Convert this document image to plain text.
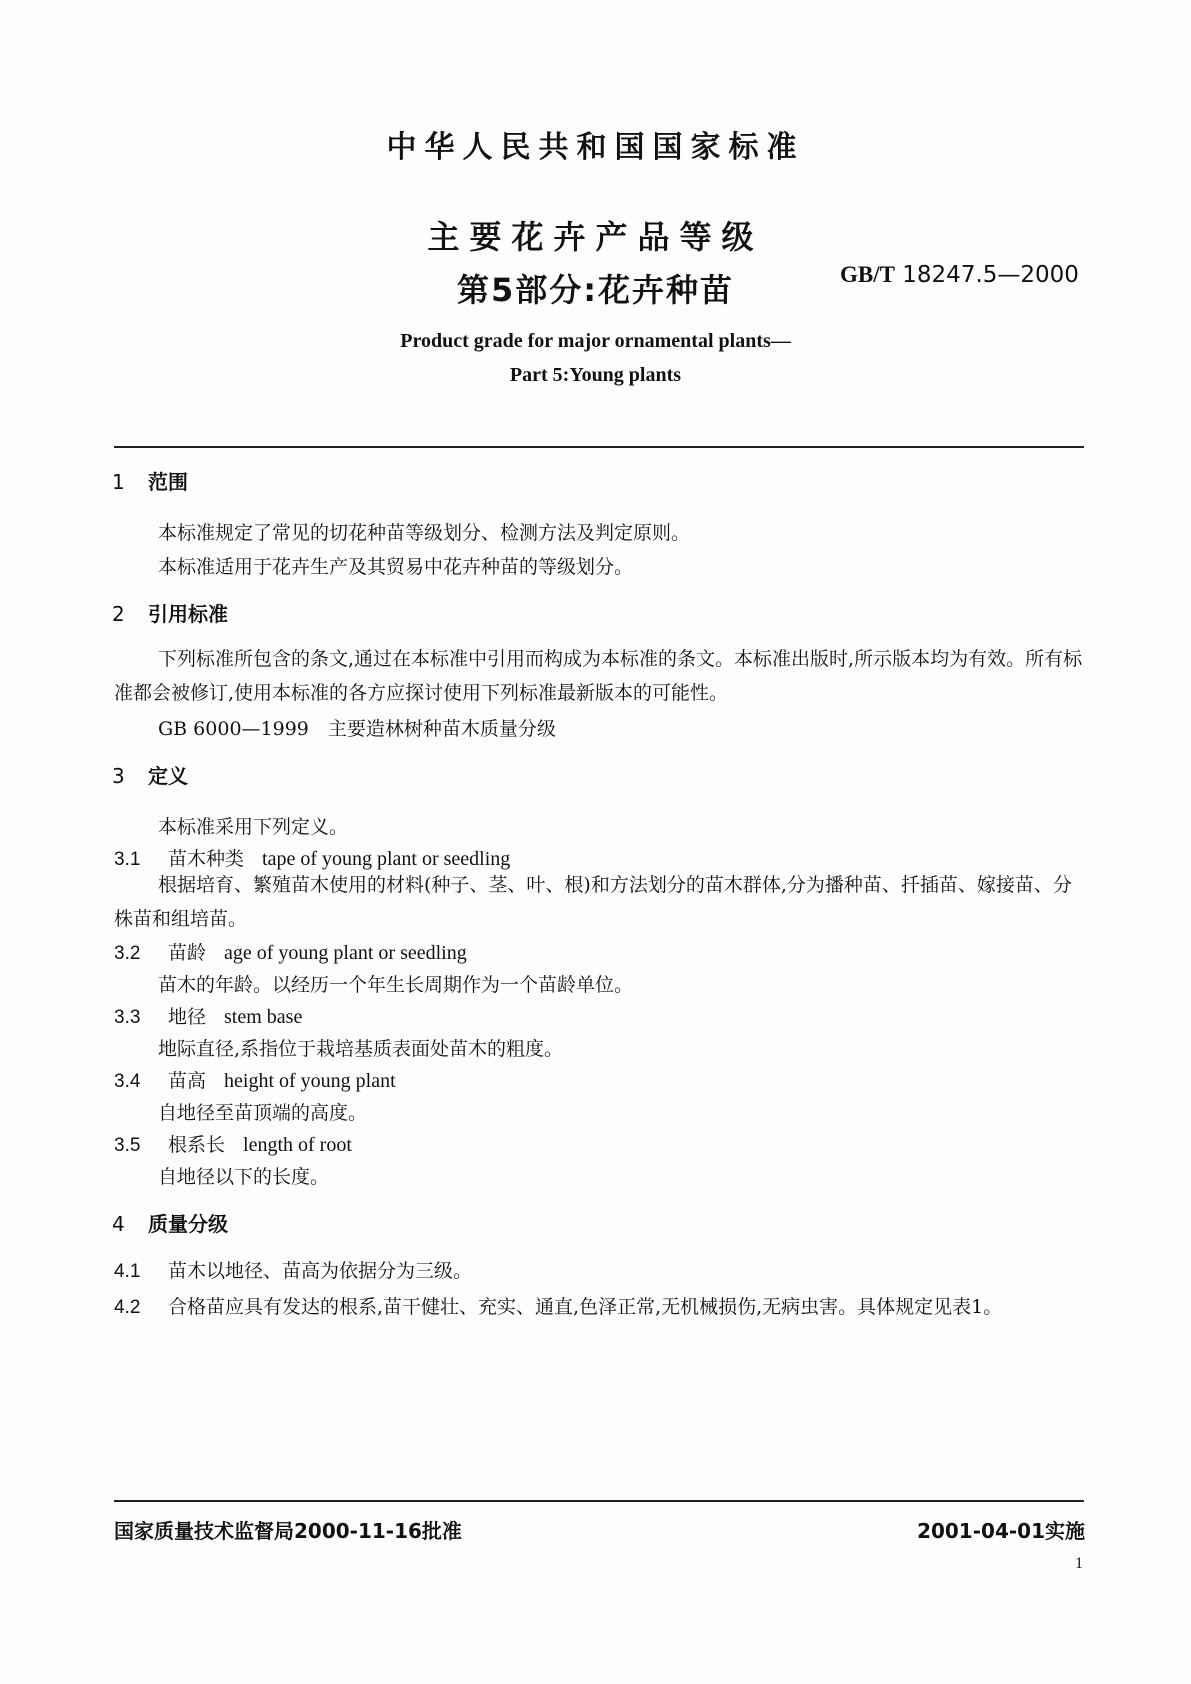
中华人民共和国国家标准
主要花卉产品等级
第5部分:花卉种苗	GB/T 18247.5—2000
Product grade for major ornamental plants—
Part 5:Young plants
1 范围
本标准规定了常见的切花种苗等级划分、检测方法及判定原则。
本标准适用于花卉生产及其贸易中花卉种苗的等级划分。
2 引用标准
下列标准所包含的条文,通过在本标准中引用而构成为本标准的条文。本标准出版时,所示版本均为有效。所有标准都会被修订,使用本标准的各方应探讨使用下列标准最新版本的可能性。
GB 6000—1999　主要造林树种苗木质量分级
3 定义
本标准采用下列定义。
3.1 苗木种类 tape of young plant or seedling
根据培育、繁殖苗木使用的材料(种子、茎、叶、根)和方法划分的苗木群体,分为播种苗、扦插苗、嫁接苗、分株苗和组培苗。
3.2 苗龄 age of young plant or seedling
苗木的年龄。以经历一个年生长周期作为一个苗龄单位。
3.3 地径 stem base
地际直径,系指位于栽培基质表面处苗木的粗度。
3.4 苗高 height of young plant
自地径至苗顶端的高度。
3.5 根系长 length of root
自地径以下的长度。
4 质量分级
4.1 苗木以地径、苗高为依据分为三级。
4.2 合格苗应具有发达的根系,苗干健壮、充实、通直,色泽正常,无机械损伤,无病虫害。具体规定见表1。
国家质量技术监督局2000-11-16批准	2001-04-01实施
1
